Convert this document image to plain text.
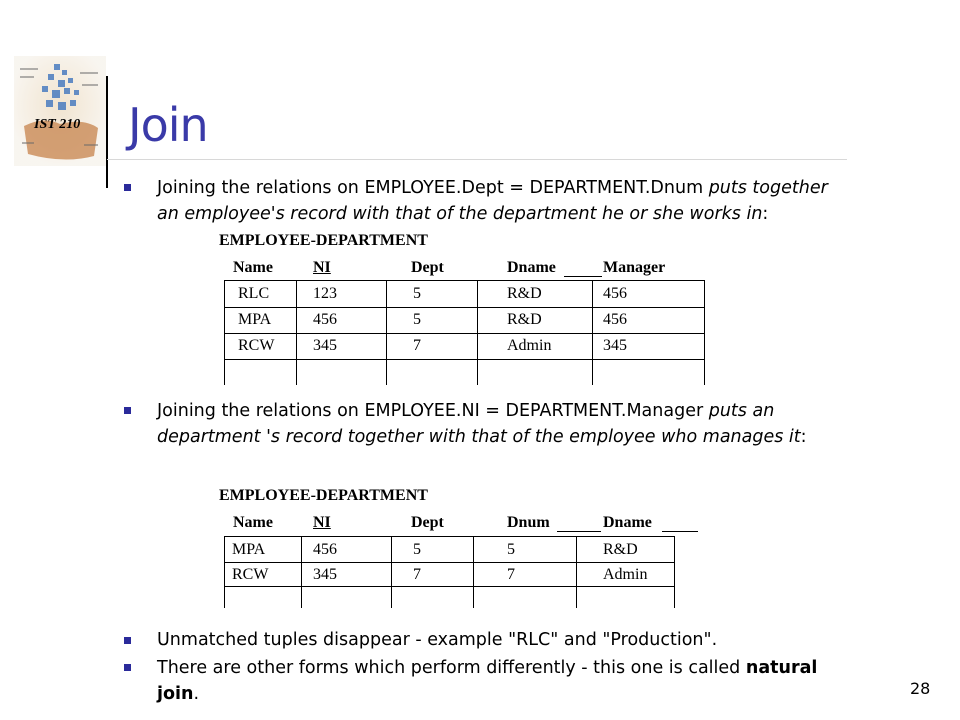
IST 210 Join
Joining the relations on EMPLOYEE.Dept = DEPARTMENT.Dnum puts together
an employee's record with that of the department he or she works in:
EMPLOYEE-DEPARTMENT
Name	NI	Dept	Dname	Manager
RLC	123	5	R&D	456
MPA	456	5	R&D	456
RCW 345	7	Admin	345
Joining the relations on EMPLOYEE.NI = DEPARTMENT.Manager puts an
department 's record together with that of the employee who manages it:
EMPLOYEE-DEPARTMENT
Name	NI	Dept	Dnum	Dname
MPA	456	5	5	R&D
RCW	345	7	7	Admin
Unmatched tuples disappear - example "RLC" and "Production".
There are other forms which perform differently - this one is called natural
join.	28
